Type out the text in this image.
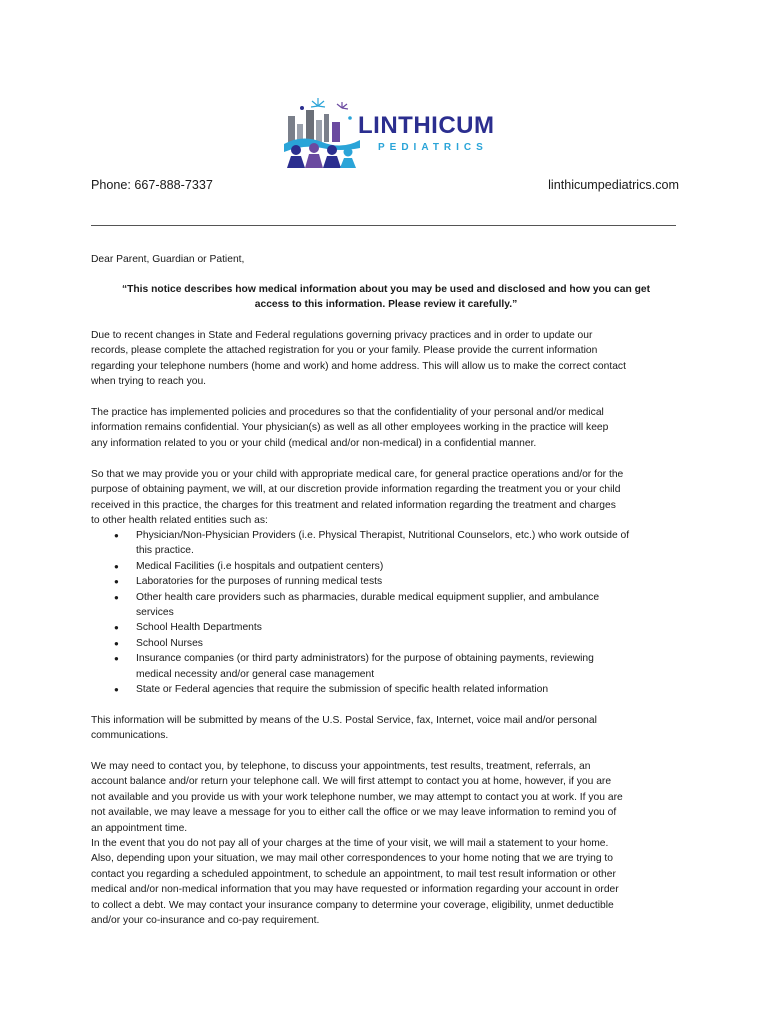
LINTHICUM
PEDIATRICS
Phone: 667-888-7337	linthicumpediatrics.com
Dear Parent, Guardian or Patient,
“This notice describes how medical information about you may be used and disclosed and how you can get
access to this information. Please review it carefully.”
Due to recent changes in State and Federal regulations governing privacy practices and in order to update our
records, please complete the attached registration for you or your family. Please provide the current information
regarding your telephone numbers (home and work) and home address. This will allow us to make the correct contact
when trying to reach you.
The practice has implemented policies and procedures so that the confidentiality of your personal and/or medical
information remains confidential. Your physician(s) as well as all other employees working in the practice will keep
any information related to you or your child (medical and/or non-medical) in a confidential manner.
So that we may provide you or your child with appropriate medical care, for general practice operations and/or for the
purpose of obtaining payment, we will, at our discretion provide information regarding the treatment you or your child
received in this practice, the charges for this treatment and related information regarding the treatment and charges
to other health related entities such as:
● Physician/Non-Physician Providers (i.e. Physical Therapist, Nutritional Counselors, etc.) who work outside of
this practice.
● Medical Facilities (i.e hospitals and outpatient centers)
● Laboratories for the purposes of running medical tests
● Other health care providers such as pharmacies, durable medical equipment supplier, and ambulance
services
● School Health Departments
● School Nurses
● Insurance companies (or third party administrators) for the purpose of obtaining payments, reviewing
medical necessity and/or general case management
● State or Federal agencies that require the submission of specific health related information
This information will be submitted by means of the U.S. Postal Service, fax, Internet, voice mail and/or personal
communications.
We may need to contact you, by telephone, to discuss your appointments, test results, treatment, referrals, an
account balance and/or return your telephone call. We will first attempt to contact you at home, however, if you are
not available and you provide us with your work telephone number, we may attempt to contact you at work. If you are
not available, we may leave a message for you to either call the office or we may leave information to remind you of
an appointment time.
In the event that you do not pay all of your charges at the time of your visit, we will mail a statement to your home.
Also, depending upon your situation, we may mail other correspondences to your home noting that we are trying to
contact you regarding a scheduled appointment, to schedule an appointment, to mail test result information or other
medical and/or non-medical information that you may have requested or information regarding your account in order
to collect a debt. We may contact your insurance company to determine your coverage, eligibility, unmet deductible
and/or your co-insurance and co-pay requirement.
